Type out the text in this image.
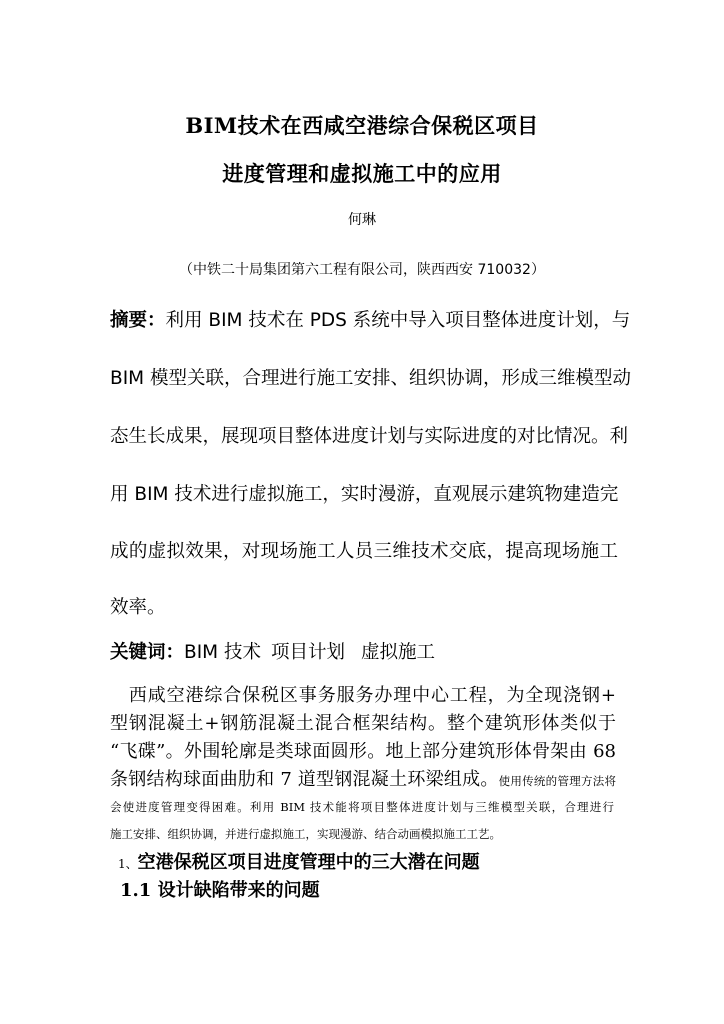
BIM技术在西咸空港综合保税区项目
进度管理和虚拟施工中的应用
何琳
（中铁二十局集团第六工程有限公司，陕西西安 710032）
摘要：利用 BIM 技术在 PDS 系统中导入项目整体进度计划，与
BIM 模型关联，合理进行施工安排、组织协调，形成三维模型动
态生长成果，展现项目整体进度计划与实际进度的对比情况。利
用 BIM 技术进行虚拟施工，实时漫游，直观展示建筑物建造完
成的虚拟效果，对现场施工人员三维技术交底，提高现场施工
效率。
关键词：BIM 技术 项目计划 虚拟施工
　西咸空港综合保税区事务服务办理中心工程，为全现浇钢+
型钢混凝土+钢筋混凝土混合框架结构。整个建筑形体类似于
“飞碟”。外围轮廓是类球面圆形。地上部分建筑形体骨架由 68
条钢结构球面曲肋和 7 道型钢混凝土环梁组成。使用传统的管理方法将
会使进度管理变得困难。利用 BIM 技术能将项目整体进度计划与三维模型关联，合理进行
施工安排、组织协调，并进行虚拟施工，实现漫游、结合动画模拟施工工艺。
1、空港保税区项目进度管理中的三大潜在问题
1.1 设计缺陷带来的问题
